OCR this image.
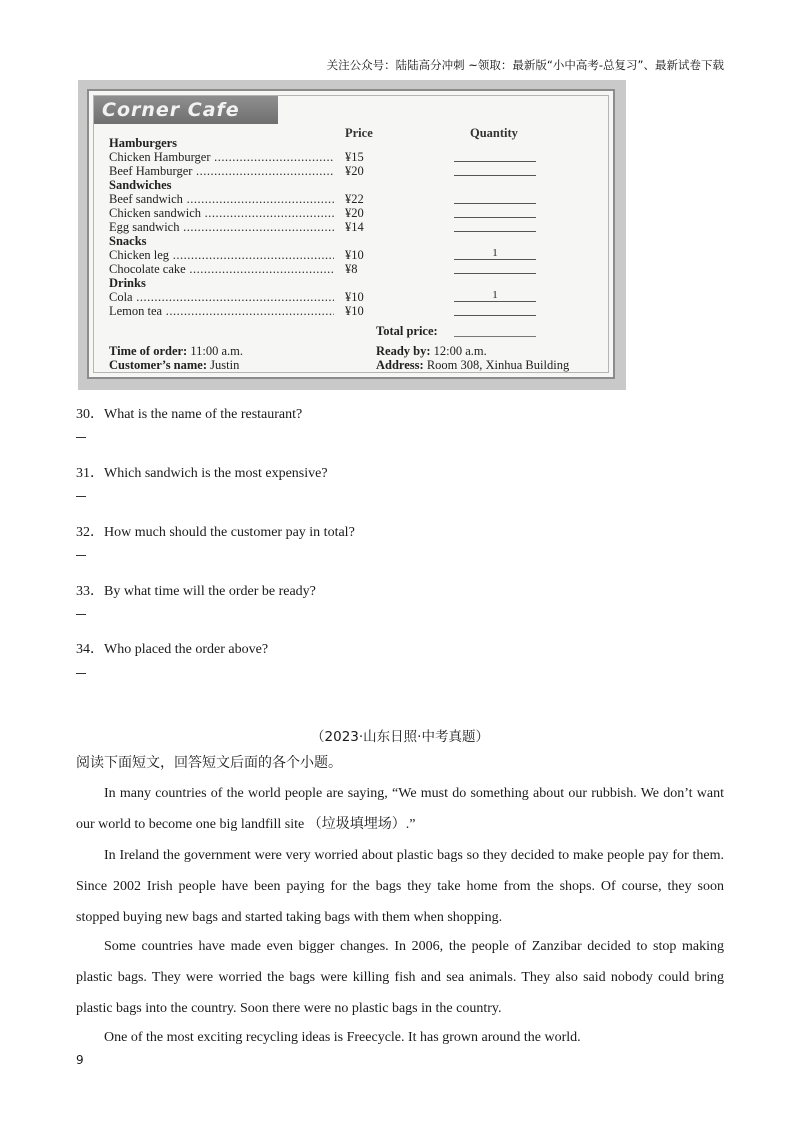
关注公众号：陆陆高分冲刺 ~领取：最新版“小中高考-总复习”、最新试卷下载
Corner Cafe
Price	Quantity
Hamburgers
Chicken Hamburger .....	¥15
Beef Hamburger .....	¥20
Sandwiches
Beef sandwich .....	¥22
Chicken sandwich .....	¥20
Egg sandwich .....	¥14
Snacks
Chicken leg .....	¥10	1
Chocolate cake .....	¥8
Drinks
Cola .....	¥10	1
Lemon tea .....	¥10
Total price:
Time of order: 11:00 a.m.
Customer’s name: Justin
Ready by: 12:00 a.m.
Address: Room 308, Xinhua Building
30．What is the name of the restaurant?
31．Which sandwich is the most expensive?
32．How much should the customer pay in total?
33．By what time will the order be ready?
34．Who placed the order above?
（2023·山东日照·中考真题）
阅读下面短文，回答短文后面的各个小题。
In many countries of the world people are saying, “We must do something about our rubbish. We don’t want our world to become one big landfill site （垃圾填埋场）.”
In Ireland the government were very worried about plastic bags so they decided to make people pay for them. Since 2002 Irish people have been paying for the bags they take home from the shops. Of course, they soon stopped buying new bags and started taking bags with them when shopping.
Some countries have made even bigger changes. In 2006, the people of Zanzibar decided to stop making plastic bags. They were worried the bags were killing fish and sea animals. They also said nobody could bring plastic bags into the country. Soon there were no plastic bags in the country.
One of the most exciting recycling ideas is Freecycle. It has grown around the world.
9
